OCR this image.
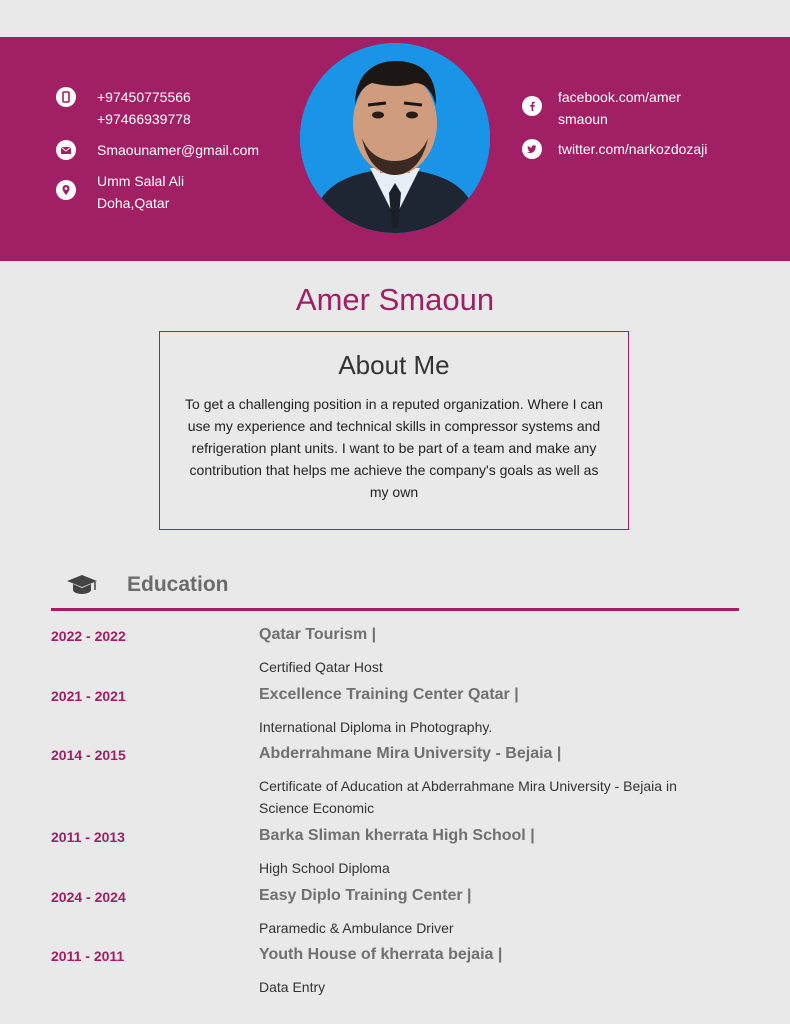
+97450775566
+97466939778
Smaounamer@gmail.com
Umm Salal Ali
Doha,Qatar
facebook.com/amer
smaoun
twitter.com/narkozdozaji
Amer Smaoun
About Me

To get a challenging position in a reputed organization. Where I can use my experience and technical skills in compressor systems and refrigeration plant units. I want to be part of a team and make any contribution that helps me achieve the company's goals as well as my own

Education
2022 - 2022	Qatar Tourism |
Certified Qatar Host
2021 - 2021	Excellence Training Center Qatar |
International Diploma in Photography.
2014 - 2015	Abderrahmane Mira University - Bejaia |
Certificate of Aducation at Abderrahmane Mira University - Bejaia in Science Economic
2011 - 2013	Barka Sliman kherrata High School |
High School Diploma
2024 - 2024	Easy Diplo Training Center |
Paramedic & Ambulance Driver
2011 - 2011	Youth House of kherrata bejaia |
Data Entry
